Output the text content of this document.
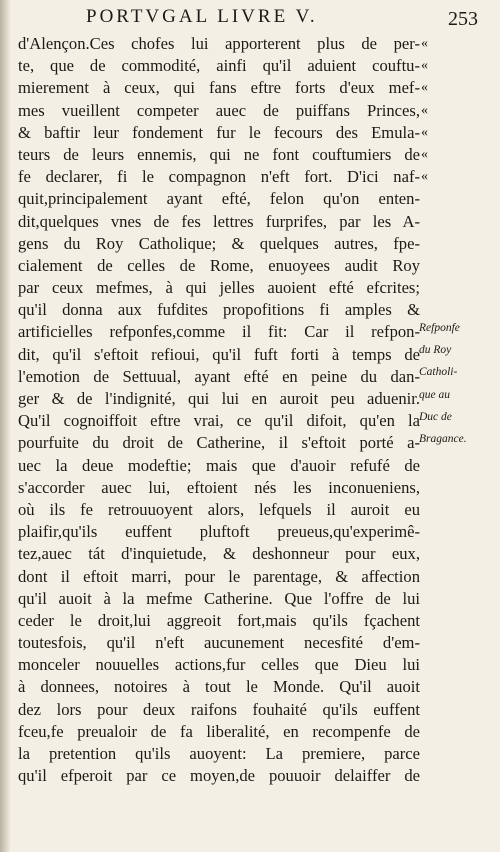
PORTVGAL LIVRE V.	253
d'Alençon.Ces chofes lui apporterent plus de per-
te, que de commodité, ainfi qu'il aduient couftu-
mierement à ceux, qui fans eftre forts d'eux mef-
mes vueillent competer auec de puiffans Princes,
& baftir leur fondement fur le fecours des Emula-
teurs de leurs ennemis, qui ne font couftumiers de
fe declarer, fi le compagnon n'eft fort. D'ici naf-
quit,principalement ayant efté, felon qu'on enten-
dit,quelques vnes de fes lettres furprifes, par les A-
gens du Roy Catholique; & quelques autres, fpe-
cialement de celles de Rome, enuoyees audit Roy
par ceux mefmes, à qui jelles auoient efté efcrites;
qu'il donna aux fufdites propofitions fi amples &
artificielles refponfes,comme il fit: Car il refpon-
dit, qu'il s'eftoit refioui, qu'il fuft forti à temps de
l'emotion de Settuual, ayant efté en peine du dan-
ger & de l'indignité, qui lui en auroit peu aduenir.
Qu'il cognoiffoit eftre vrai, ce qu'il difoit, qu'en la
pourfuite du droit de Catherine, il s'eftoit porté a-
uec la deue modeftie; mais que d'auoir refufé de
s'accorder auec lui, eftoient nés les inconueniens,
où ils fe retrouuoyent alors, lefquels il auroit eu
plaifir,qu'ils euffent pluftoft preueus,qu'experimê-
tez,auec tát d'inquietude, & deshonneur pour eux,
dont il eftoit marri, pour le parentage, & affection
qu'il auoit à la mefme Catherine. Que l'offre de lui
ceder le droit,lui aggreoit fort,mais qu'ils fçachent
toutesfois, qu'il n'eft aucunement necesfité d'em-
monceler nouuelles actions,fur celles que Dieu lui
à donnees, notoires à tout le Monde. Qu'il auoit
dez lors pour deux raifons fouhaité qu'ils euffent
fceu,fe preualoir de fa liberalité, en recompenfe de
la pretention qu'ils auoyent: La premiere, parce
qu'il efperoit par ce moyen,de pouuoir delaiffer de
«
«
«
«
«
«
«
Refponfe
du Roy
Catholi-
que au
Duc de
Bragance.
